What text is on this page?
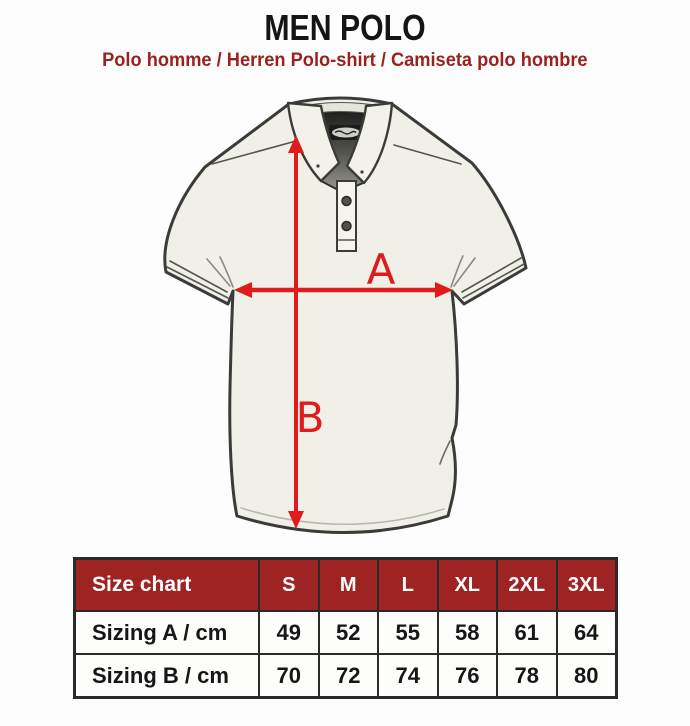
MEN POLO
Polo homme / Herren Polo-shirt / Camiseta polo hombre
A
B
Size chart	S	M	L	XL	2XL	3XL
Sizing A / cm	49	52	55	58	61	64
Sizing B / cm	70	72	74	76	78	80
